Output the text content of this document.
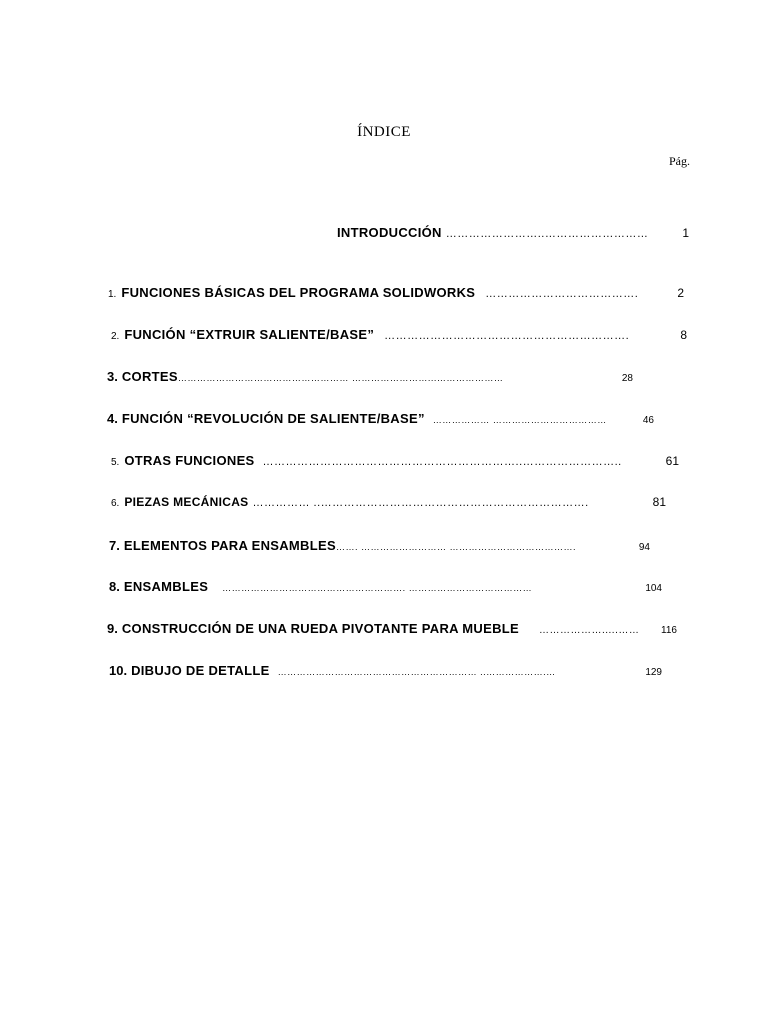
ÍNDICE
Pág.
INTRODUCCIÓN ……………………..………………………	1
1. FUNCIONES BÁSICAS DEL PROGRAMA SOLIDWORKS ………………………………….	2
2. FUNCIÓN “EXTRUIR SALIENTE/BASE” ……………………………………………………….	8
3. CORTES ……………………………………………… ……………………...…………………	28
4. FUNCIÓN “REVOLUCIÓN DE SALIENTE/BASE” ……………… ………………………………	46
5. OTRAS FUNCIONES …………………………………………………………..……………………..	61
6. PIEZAS MECÁNICAS …………… ..…………………………………………………………….	81
7. ELEMENTOS PARA ENSAMBLES ……. ……………………… ………………………………….	94
8. ENSAMBLES …………………………………………………. …………………………………	104
9. CONSTRUCCIÓN DE UNA RUEDA PIVOTANTE PARA MUEBLE ……………….....……	116
10. DIBUJO DE DETALLE ……………………………………………………… ..……………….…	129
